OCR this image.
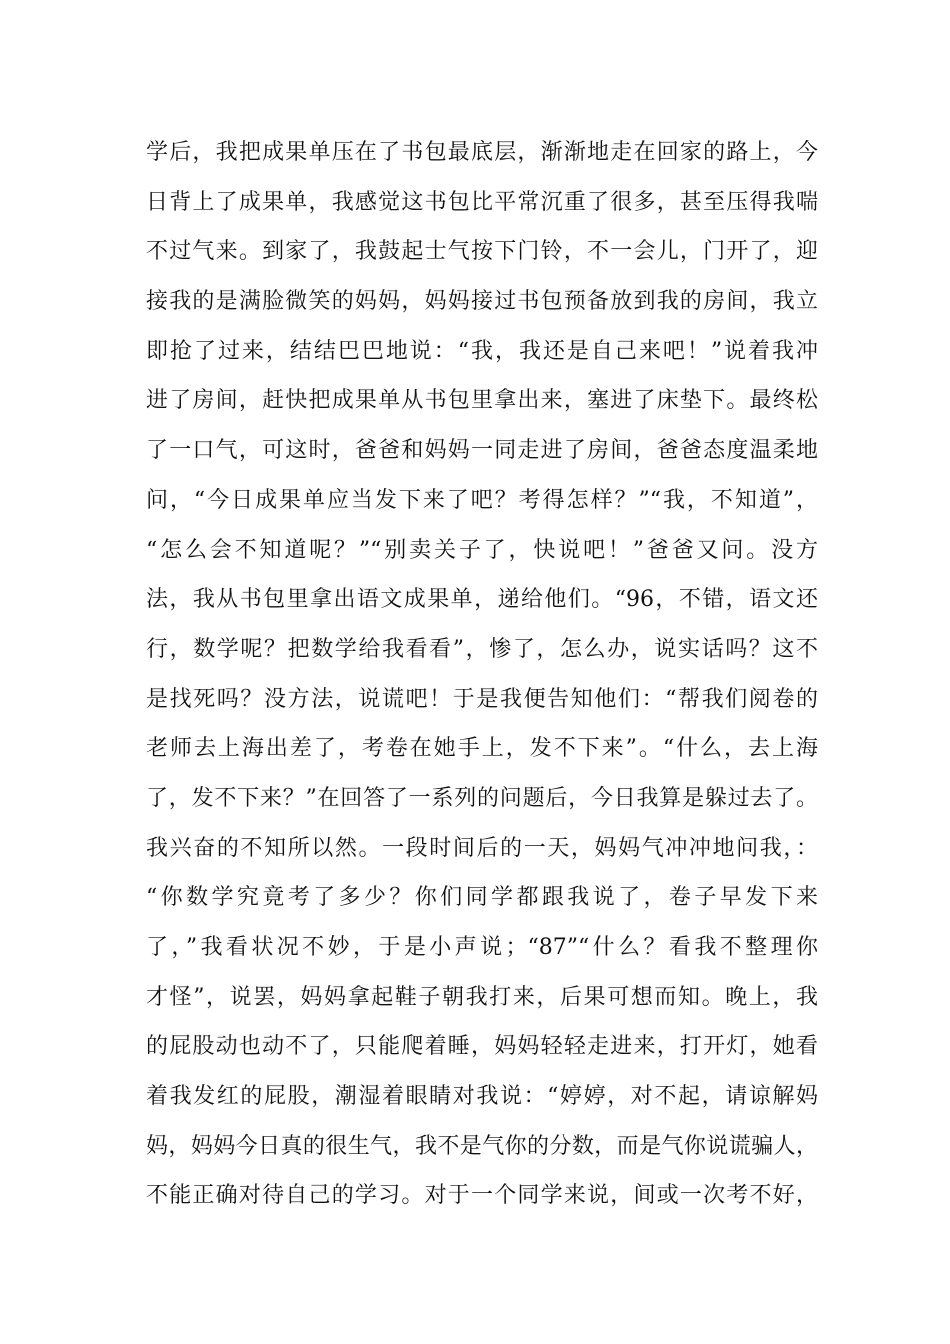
学后，我把成果单压在了书包最底层，渐渐地走在回家的路上，今
日背上了成果单，我感觉这书包比平常沉重了很多，甚至压得我喘
不过气来。到家了，我鼓起士气按下门铃，不一会儿，门开了，迎
接我的是满脸微笑的妈妈，妈妈接过书包预备放到我的房间，我立
即抢了过来，结结巴巴地说：“我，我还是自己来吧！”说着我冲
进了房间，赶快把成果单从书包里拿出来，塞进了床垫下。最终松
了一口气，可这时，爸爸和妈妈一同走进了房间，爸爸态度温柔地
问，“今日成果单应当发下来了吧？考得怎样？”“我，不知道”，
“怎么会不知道呢？”“别卖关子了，快说吧！”爸爸又问。没方
法，我从书包里拿出语文成果单，递给他们。“96，不错，语文还
行，数学呢？把数学给我看看”，惨了，怎么办，说实话吗？这不
是找死吗？没方法，说谎吧！于是我便告知他们：“帮我们阅卷的
老师去上海出差了，考卷在她手上，发不下来”。“什么，去上海
了，发不下来？”在回答了一系列的问题后，今日我算是躲过去了。
我兴奋的不知所以然。一段时间后的一天，妈妈气冲冲地问我，：
“你数学究竟考了多少？你们同学都跟我说了，卷子早发下来
了，”我看状况不妙，于是小声说；“87”“什么？看我不整理你
才怪”，说罢，妈妈拿起鞋子朝我打来，后果可想而知。晚上，我
的屁股动也动不了，只能爬着睡，妈妈轻轻走进来，打开灯，她看
着我发红的屁股，潮湿着眼睛对我说：“婷婷，对不起，请谅解妈
妈，妈妈今日真的很生气，我不是气你的分数，而是气你说谎骗人，
不能正确对待自己的学习。对于一个同学来说，间或一次考不好，
